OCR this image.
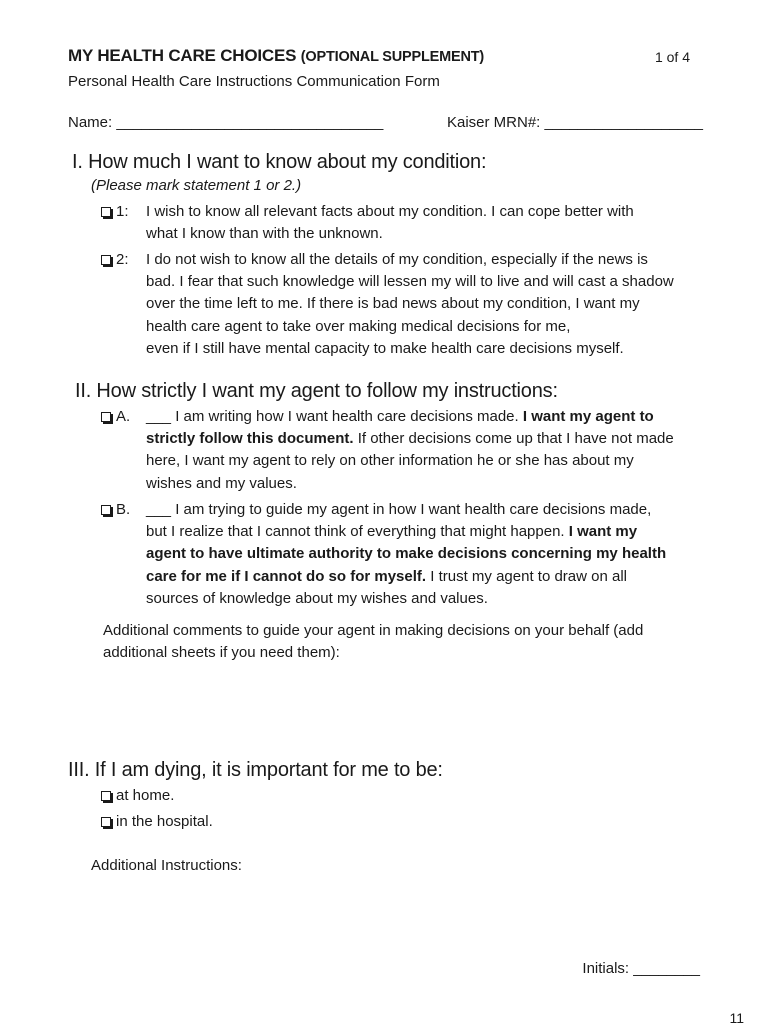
MY HEALTH CARE CHOICES (OPTIONAL SUPPLEMENT)	1 of 4
Personal Health Care Instructions Communication Form
Name: ________________________________	Kaiser MRN#: ___________________
I. How much I want to know about my condition:
(Please mark statement 1 or 2.)
1: I wish to know all relevant facts about my condition. I can cope better with
what I know than with the unknown.
2: I do not wish to know all the details of my condition, especially if the news is
bad. I fear that such knowledge will lessen my will to live and will cast a shadow
over the time left to me. If there is bad news about my condition, I want my
health care agent to take over making medical decisions for me,
even if I still have mental capacity to make health care decisions myself.
II. How strictly I want my agent to follow my instructions:
A. ___ I am writing how I want health care decisions made. I want my agent to
strictly follow this document. If other decisions come up that I have not made
here, I want my agent to rely on other information he or she has about my
wishes and my values.
B. ___ I am trying to guide my agent in how I want health care decisions made,
but I realize that I cannot think of everything that might happen. I want my
agent to have ultimate authority to make decisions concerning my health
care for me if I cannot do so for myself. I trust my agent to draw on all
sources of knowledge about my wishes and values.
Additional comments to guide your agent in making decisions on your behalf (add
additional sheets if you need them):
III. If I am dying, it is important for me to be:
at home.
in the hospital.
Additional Instructions:
Initials: ________
11
